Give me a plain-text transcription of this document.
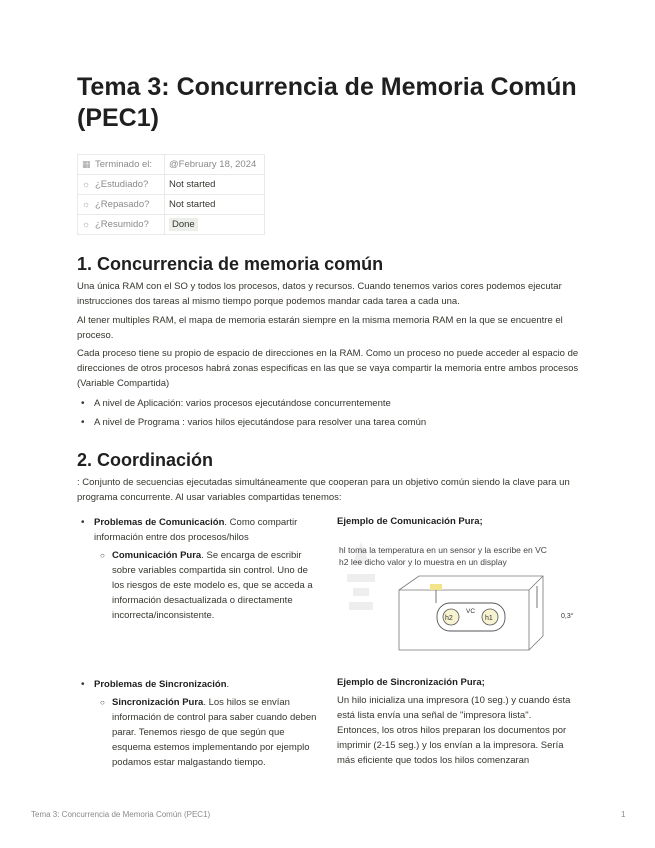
Tema 3: Concurrencia de Memoria Común
(PEC1)
▦ Terminado el:	@February 18, 2024
☼ ¿Estudiado?	Not started
☼ ¿Repasado?	Not started
☼ ¿Resumido?	Done
1. Concurrencia de memoria común

Una única RAM con el SO y todos los procesos, datos y recursos. Cuando tenemos varios cores podemos ejecutar instrucciones dos tareas al mismo tiempo porque podemos mandar cada tarea a cada una.

Al tener multiples RAM, el mapa de memoria estarán siempre en la misma memoria RAM en la que se encuentre el proceso.

Cada proceso tiene su propio de espacio de direcciones en la RAM. Como un proceso no puede acceder al espacio de direcciones de otros procesos habrá zonas especificas en las que se vaya compartir la memoria entre ambos procesos (Variable Compartida)

• A nivel de Aplicación: varios procesos ejecutándose concurrentemente

• A nivel de Programa : varios hilos ejecutándose para resolver una tarea común

2. Coordinación

: Conjunto de secuencias ejecutadas simultáneamente que cooperan para un objetivo común siendo la clave para un programa concurrente. Al usar variables compartidas tenemos:

• Problemas de Comunicación. Como compartir información entre dos procesos/hilos

○ Comunicación Pura. Se encarga de escribir sobre variables compartida sin control. Uno de los riesgos de este modelo es, que se acceda a información desactualizada o directamente incorrecta/inconsistente.

Ejemplo de Comunicación Pura;

hl toma la temperatura en un sensor y la escribe en VC
h2 lee dicho valor y lo muestra en un display
h2	h1
VC
0,3°

• Problemas de Sincronización.

○ Sincronización Pura. Los hilos se envían información de control para saber cuando deben parar. Tenemos riesgo de que según que esquema estemos implementando por ejemplo podamos estar malgastando tiempo.

Ejemplo de Sincronización Pura;

Un hilo inicializa una impresora (10 seg.) y cuando ésta está lista envía una señal de "impresora lista". Entonces, los otros hilos preparan los documentos por imprimir (2-15 seg.) y los envían a la impresora. Sería más eficiente que todos los hilos comenzaran

Tema 3: Concurrencia de Memoria Común (PEC1)	1
